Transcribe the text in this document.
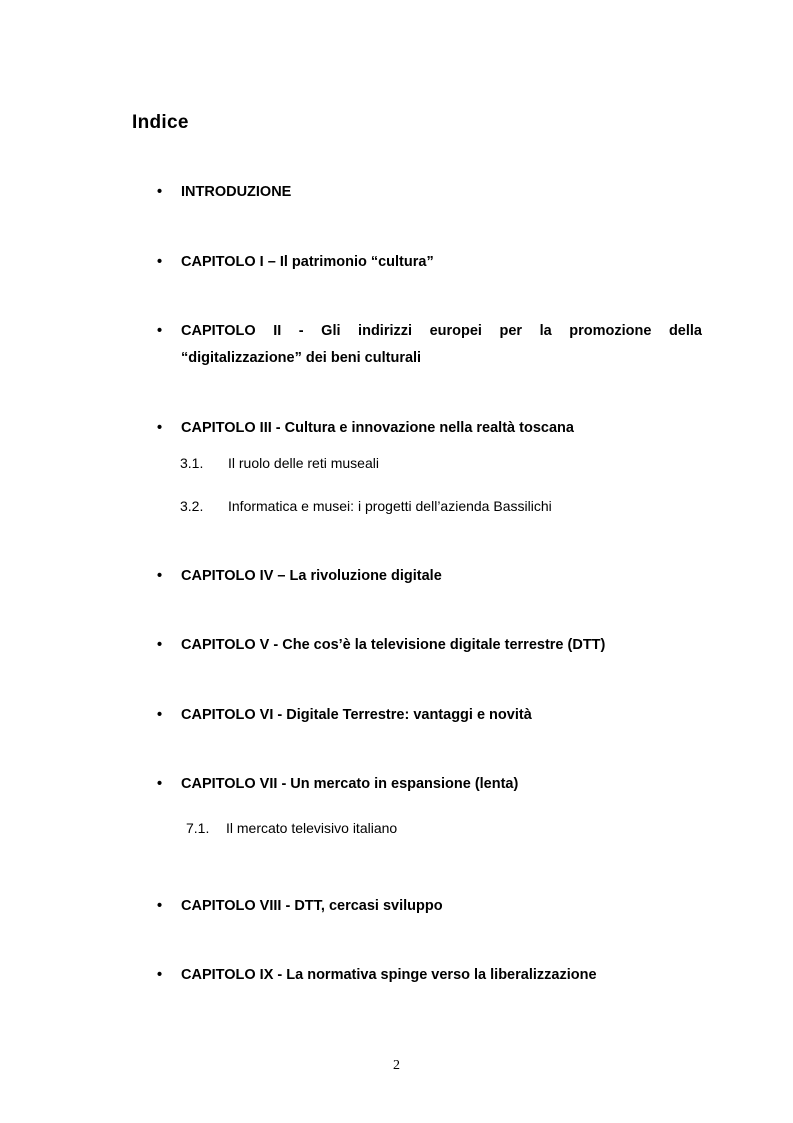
Indice
•	INTRODUZIONE
•	CAPITOLO I – Il patrimonio “cultura”
•	CAPITOLO II - Gli indirizzi europei per la promozione della “digitalizzazione” dei beni culturali
•	CAPITOLO III - Cultura e innovazione nella realtà toscana
3.1. Il ruolo delle reti museali
3.2. Informatica e musei: i progetti dell’azienda Bassilichi
•	CAPITOLO IV – La rivoluzione digitale
•	CAPITOLO V - Che cos’è la televisione digitale terrestre (DTT)
•	CAPITOLO VI - Digitale Terrestre: vantaggi e novità
•	CAPITOLO VII - Un mercato in espansione (lenta)
7.1. Il mercato televisivo italiano
•	CAPITOLO VIII - DTT, cercasi sviluppo
•	CAPITOLO IX - La normativa spinge verso la liberalizzazione
2
